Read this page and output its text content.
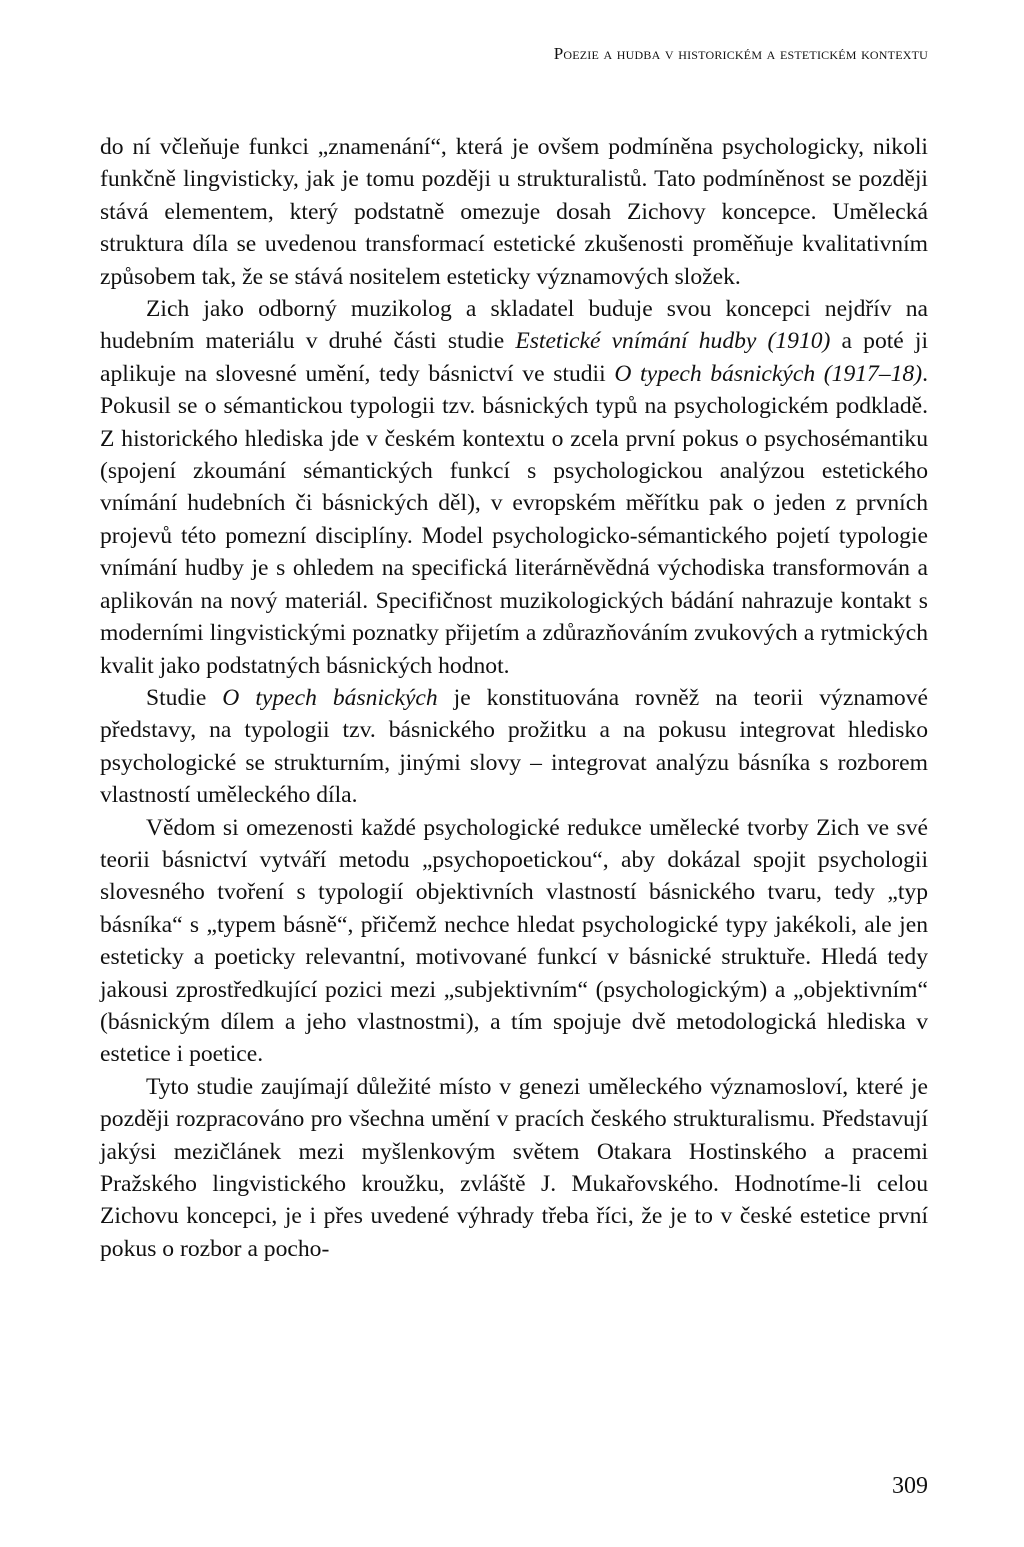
Poezie a hudba v historickém a estetickém kontextu

do ní včleňuje funkci „znamenání“, která je ovšem podmíněna psychologicky, nikoli funkčně lingvisticky, jak je tomu později u strukturalistů. Tato podmíněnost se později stává elementem, který podstatně omezuje dosah Zichovy koncepce. Umělecká struktura díla se uvedenou transformací estetické zkušenosti proměňuje kvalitativním způsobem tak, že se stává nositelem esteticky významových složek.

Zich jako odborný muzikolog a skladatel buduje svou koncepci nejdřív na hudebním materiálu v druhé části studie Estetické vnímání hudby (1910) a poté ji aplikuje na slovesné umění, tedy básnictví ve studii O typech básnických (1917–18). Pokusil se o sémantickou typologii tzv. básnických typů na psychologickém podkladě. Z historického hlediska jde v českém kontextu o zcela první pokus o psychosémantiku (spojení zkoumání sémantických funkcí s psychologickou analýzou estetického vnímání hudebních či básnických děl), v evropském měřítku pak o jeden z prvních projevů této pomezní disciplíny. Model psychologicko-sémantického pojetí typologie vnímání hudby je s ohledem na specifická literárněvědná východiska transformován a aplikován na nový materiál. Specifičnost muzikologických bádání nahrazuje kontakt s moderními lingvistickými poznatky přijetím a zdůrazňováním zvukových a rytmických kvalit jako podstatných básnických hodnot.

Studie O typech básnických je konstituována rovněž na teorii významové představy, na typologii tzv. básnického prožitku a na pokusu integrovat hledisko psychologické se strukturním, jinými slovy – integrovat analýzu básníka s rozborem vlastností uměleckého díla.

Vědom si omezenosti každé psychologické redukce umělecké tvorby Zich ve své teorii básnictví vytváří metodu „psychopoetickou“, aby dokázal spojit psychologii slovesného tvoření s typologií objektivních vlastností básnického tvaru, tedy „typ básníka“ s „typem básně“, přičemž nechce hledat psychologické typy jakékoli, ale jen esteticky a poeticky relevantní, motivované funkcí v básnické struktuře. Hledá tedy jakousi zprostředkující pozici mezi „subjektivním“ (psychologickým) a „objektivním“ (básnickým dílem a jeho vlastnostmi), a tím spojuje dvě metodologická hlediska v estetice i poetice.

Tyto studie zaujímají důležité místo v genezi uměleckého významosloví, které je později rozpracováno pro všechna umění v pracích českého strukturalismu. Představují jakýsi mezičlánek mezi myšlenkovým světem Otakara Hostinského a pracemi Pražského lingvistického kroužku, zvláště J. Mukařovského. Hodnotíme-li celou Zichovu koncepci, je i přes uvedené výhrady třeba říci, že je to v české estetice první pokus o rozbor a pocho-

309
